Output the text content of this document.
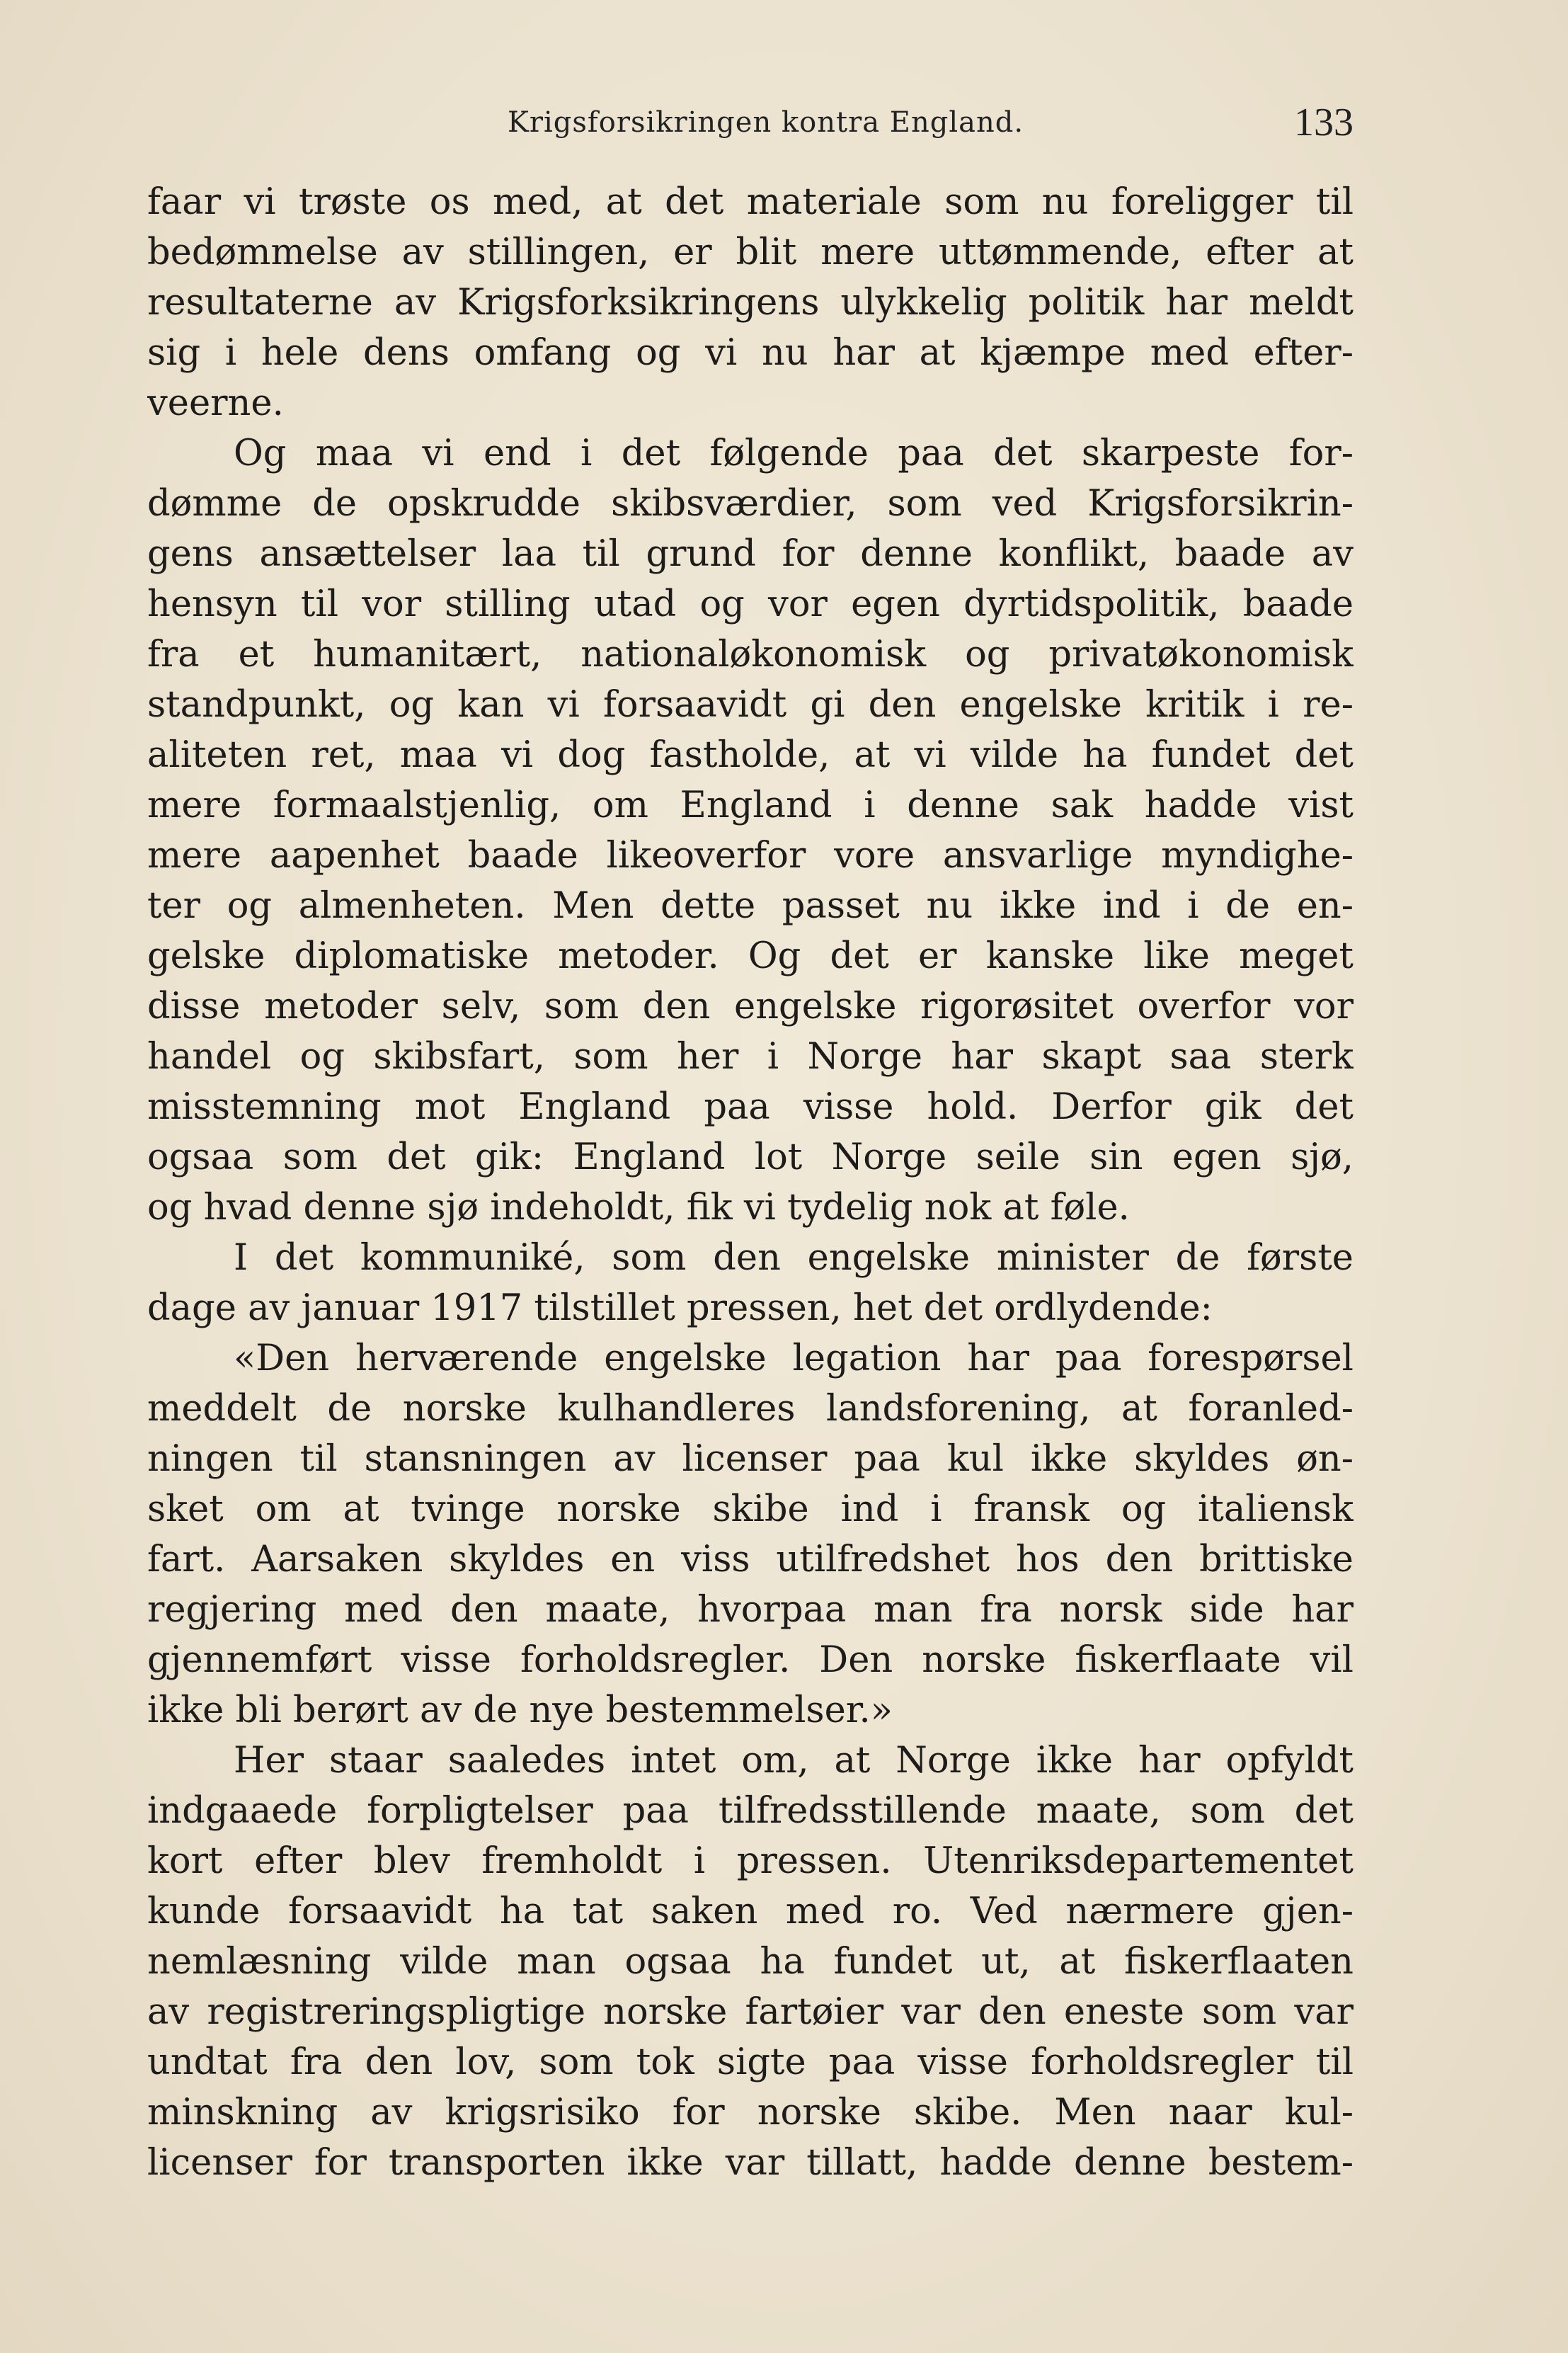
Krigsforsikringen kontra England.	133
faar vi trøste os med, at det materiale som nu foreligger til
bedømmelse av stillingen, er blit mere uttømmende, efter at
resultaterne av Krigsforksikringens ulykkelig politik har meldt
sig i hele dens omfang og vi nu har at kjæmpe med efter-
veerne.
Og maa vi end i det følgende paa det skarpeste for-
dømme de opskrudde skibsværdier, som ved Krigsforsikrin-
gens ansættelser laa til grund for denne konflikt, baade av
hensyn til vor stilling utad og vor egen dyrtidspolitik, baade
fra et humanitært, nationaløkonomisk og privatøkonomisk
standpunkt, og kan vi forsaavidt gi den engelske kritik i re-
aliteten ret, maa vi dog fastholde, at vi vilde ha fundet det
mere formaalstjenlig, om England i denne sak hadde vist
mere aapenhet baade likeoverfor vore ansvarlige myndighe-
ter og almenheten. Men dette passet nu ikke ind i de en-
gelske diplomatiske metoder. Og det er kanske like meget
disse metoder selv, som den engelske rigorøsitet overfor vor
handel og skibsfart, som her i Norge har skapt saa sterk
misstemning mot England paa visse hold. Derfor gik det
ogsaa som det gik: England lot Norge seile sin egen sjø,
og hvad denne sjø indeholdt, fik vi tydelig nok at føle.
I det kommuniké, som den engelske minister de første
dage av januar 1917 tilstillet pressen, het det ordlydende:
«Den herværende engelske legation har paa forespørsel
meddelt de norske kulhandleres landsforening, at foranled-
ningen til stansningen av licenser paa kul ikke skyldes øn-
sket om at tvinge norske skibe ind i fransk og italiensk
fart. Aarsaken skyldes en viss utilfredshet hos den brittiske
regjering med den maate, hvorpaa man fra norsk side har
gjennemført visse forholdsregler. Den norske fiskerflaate vil
ikke bli berørt av de nye bestemmelser.»
Her staar saaledes intet om, at Norge ikke har opfyldt
indgaaede forpligtelser paa tilfredsstillende maate, som det
kort efter blev fremholdt i pressen. Utenriksdepartementet
kunde forsaavidt ha tat saken med ro. Ved nærmere gjen-
nemlæsning vilde man ogsaa ha fundet ut, at fiskerflaaten
av registreringspligtige norske fartøier var den eneste som var
undtat fra den lov, som tok sigte paa visse forholdsregler til
minskning av krigsrisiko for norske skibe. Men naar kul-
licenser for transporten ikke var tillatt, hadde denne bestem-
